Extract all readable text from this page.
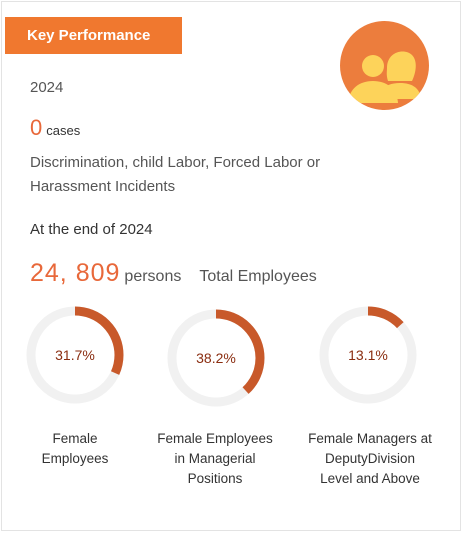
Key Performance
2024
0 cases
Discrimination, child Labor, Forced Labor or
Harassment Incidents
At the end of 2024
24, 809 persons Total Employees
31.7%
Female
Employees
38.2%
Female Employees
in Managerial
Positions
13.1%
Female Managers at
DeputyDivision
Level and Above
